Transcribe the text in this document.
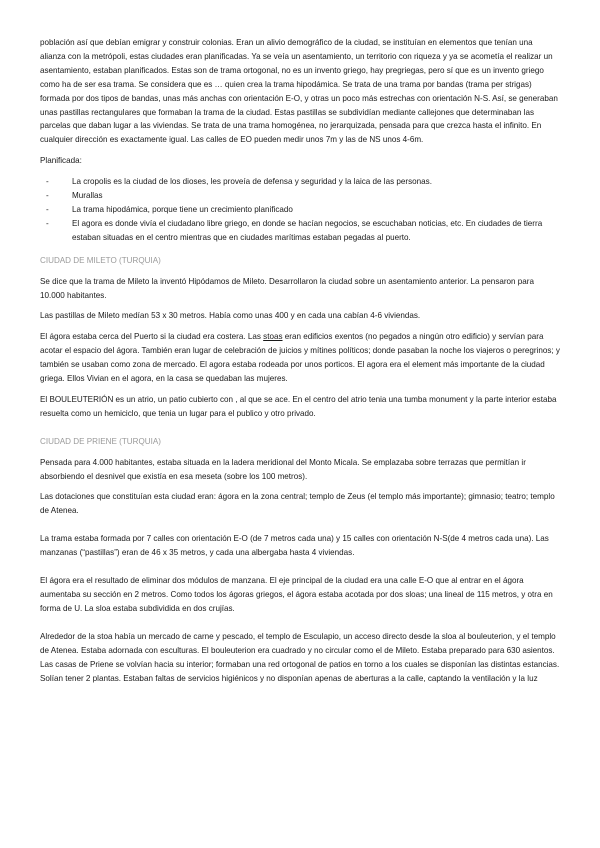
población así que debían emigrar y construir colonias. Eran un alivio demográfico de la ciudad, se instituían en elementos que tenían una alianza con la metrópoli, estas ciudades eran planificadas. Ya se veía un asentamiento, un territorio con riqueza y ya se acometía el realizar un asentamiento, estaban planificados. Estas son de trama ortogonal, no es un invento griego, hay pregriegas, pero sí que es un invento griego como ha de ser esa trama. Se considera que es … quien crea la trama hipodámica. Se trata de una trama por bandas (trama per strigas) formada por dos tipos de bandas, unas más anchas con orientación E-O, y otras un poco más estrechas con orientación N-S. Así, se generaban unas pastillas rectangulares que formaban la trama de la ciudad. Estas pastillas se subdividían mediante callejones que determinaban las parcelas que daban lugar a las viviendas. Se trata de una trama homogénea, no jerarquizada, pensada para que crezca hasta el infinito. En cualquier dirección es exactamente igual. Las calles de EO pueden medir unos 7m y las de NS unos 4-6m.

Planificada:

- La cropolis es la ciudad de los dioses, les proveía de defensa y seguridad y la laica de las personas.
- Murallas
- La trama hipodámica, porque tiene un crecimiento planificado
- El agora es donde vivía el ciudadano libre griego, en donde se hacían negocios, se escuchaban noticias, etc. En ciudades de tierra estaban situadas en el centro mientras que en ciudades marítimas estaban pegadas al puerto.
CIUDAD DE MILETO (TURQUIA)

Se dice que la trama de Mileto la inventó Hipódamos de Mileto. Desarrollaron la ciudad sobre un asentamiento anterior. La pensaron para 10.000 habitantes.

Las pastillas de Mileto medían 53 x 30 metros. Había como unas 400 y en cada una cabían 4-6 viviendas.

El ágora estaba cerca del Puerto si la ciudad era costera. Las stoas eran edificios exentos (no pegados a ningún otro edificio) y servían para acotar el espacio del ágora. También eran lugar de celebración de juicios y mítines políticos; donde pasaban la noche los viajeros o peregrinos; y también se usaban como zona de mercado. El agora estaba rodeada por unos porticos. El agora era el element más importante de la ciudad griega. Ellos Vivian en el agora, en la casa se quedaban las mujeres.

El BOULEUTERIÓN es un atrio, un patio cubierto con , al que se ace. En el centro del atrio tenia una tumba monument y la parte interior estaba resuelta como un hemiciclo, que tenia un lugar para el publico y otro privado.

CIUDAD DE PRIENE (TURQUIA)

Pensada para 4.000 habitantes, estaba situada en la ladera meridional del Monto Micala. Se emplazaba sobre terrazas que permitían ir absorbiendo el desnivel que existía en esa meseta (sobre los 100 metros).

Las dotaciones que constituían esta ciudad eran: ágora en la zona central; templo de Zeus (el templo más importante); gimnasio; teatro; templo de Atenea.

La trama estaba formada por 7 calles con orientación E-O (de 7 metros cada una) y 15 calles con orientación N-S(de 4 metros cada una). Las manzanas (“pastillas”) eran de 46 x 35 metros, y cada una albergaba hasta 4 viviendas.

El ágora era el resultado de eliminar dos módulos de manzana. El eje principal de la ciudad era una calle E-O que al entrar en el ágora aumentaba su sección en 2 metros. Como todos los ágoras griegos, el ágora estaba acotada por dos sloas; una lineal de 115 metros, y otra en forma de U. La sloa estaba subdividida en dos crujías.

Alrededor de la stoa había un mercado de carne y pescado, el templo de Esculapio, un acceso directo desde la sloa al bouleuterion, y el templo de Atenea. Estaba adornada con esculturas. El bouleuterion era cuadrado y no circular como el de Mileto. Estaba preparado para 630 asientos. Las casas de Priene se volvían hacia su interior; formaban una red ortogonal de patios en torno a los cuales se disponían las distintas estancias. Solían tener 2 plantas. Estaban faltas de servicios higiénicos y no disponían apenas de aberturas a la calle, captando la ventilación y la luz
